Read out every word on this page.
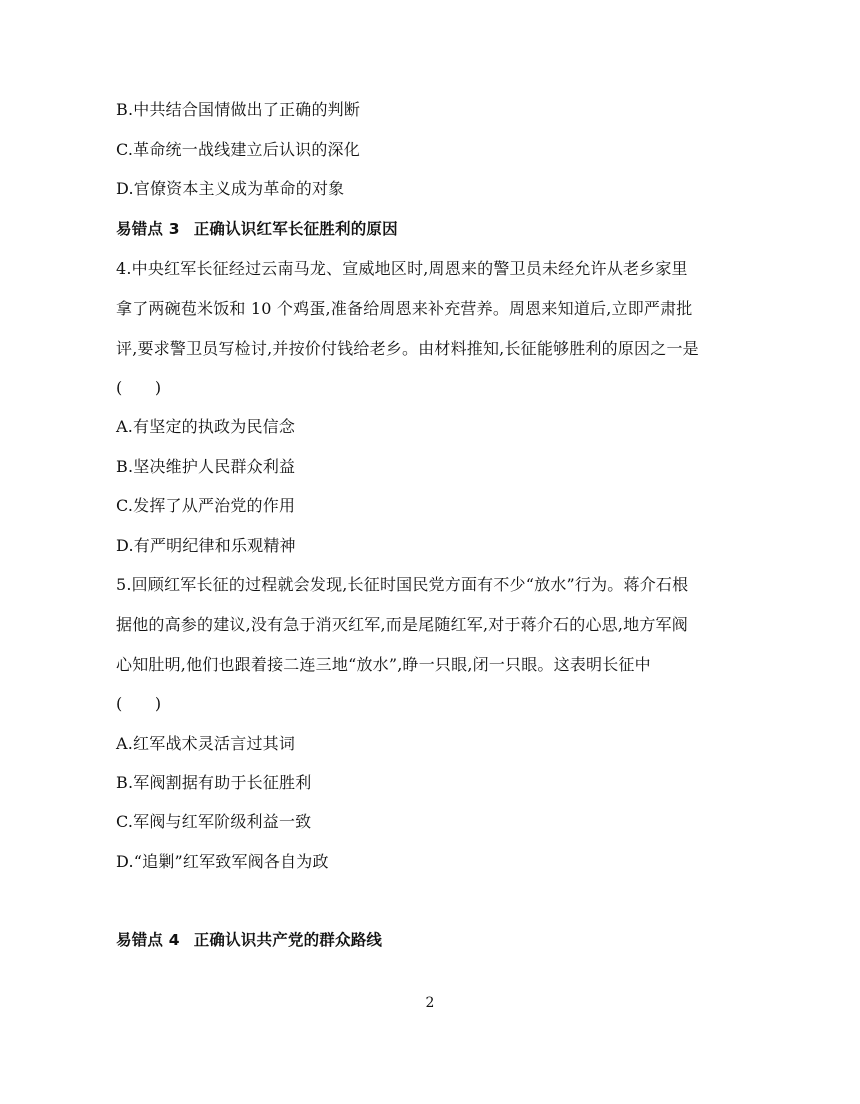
B.中共结合国情做出了正确的判断
C.革命统一战线建立后认识的深化
D.官僚资本主义成为革命的对象
易错点 3 正确认识红军长征胜利的原因
4.中央红军长征经过云南马龙、宣威地区时,周恩来的警卫员未经允许从老乡家里
拿了两碗苞米饭和 10 个鸡蛋,准备给周恩来补充营养。周恩来知道后,立即严肃批
评,要求警卫员写检讨,并按价付钱给老乡。由材料推知,长征能够胜利的原因之一是
(　　)
A.有坚定的执政为民信念
B.坚决维护人民群众利益
C.发挥了从严治党的作用
D.有严明纪律和乐观精神
5.回顾红军长征的过程就会发现,长征时国民党方面有不少“放水”行为。蒋介石根
据他的高参的建议,没有急于消灭红军,而是尾随红军,对于蒋介石的心思,地方军阀
心知肚明,他们也跟着接二连三地“放水”,睁一只眼,闭一只眼。这表明长征中
(　　)
A.红军战术灵活言过其词
B.军阀割据有助于长征胜利
C.军阀与红军阶级利益一致
D.“追剿”红军致军阀各自为政
易错点 4 正确认识共产党的群众路线
2
